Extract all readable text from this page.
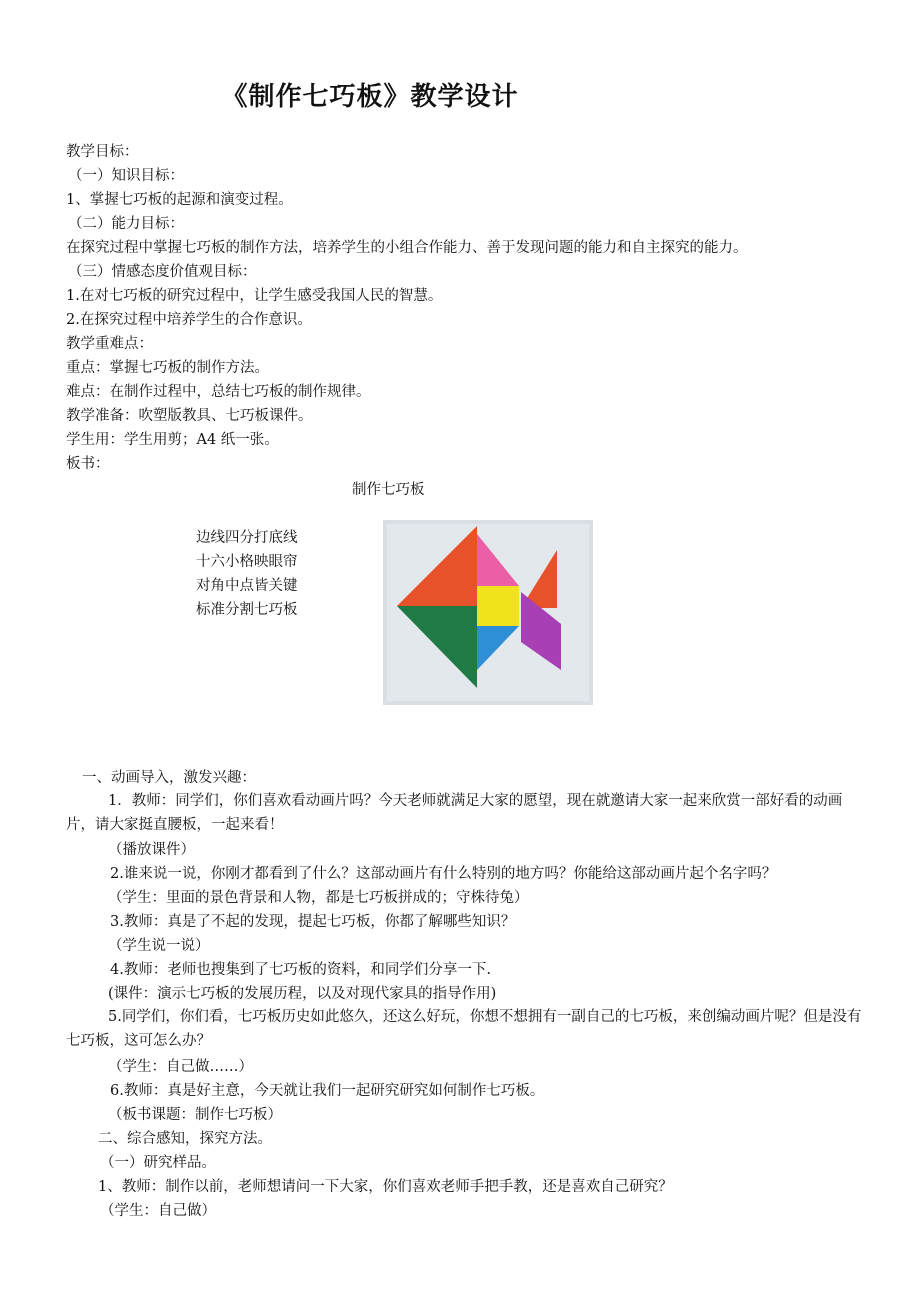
《制作七巧板》教学设计
教学目标：
（一）知识目标：
1、掌握七巧板的起源和演变过程。
（二）能力目标：
在探究过程中掌握七巧板的制作方法，培养学生的小组合作能力、善于发现问题的能力和自主探究的能力。
（三）情感态度价值观目标：
1.在对七巧板的研究过程中，让学生感受我国人民的智慧。
2.在探究过程中培养学生的合作意识。
教学重难点：
重点：掌握七巧板的制作方法。
难点：在制作过程中，总结七巧板的制作规律。
教学准备：吹塑版教具、七巧板课件。
学生用：学生用剪；A4 纸一张。
板书：
制作七巧板
边线四分打底线
十六小格映眼帘
对角中点皆关键
标准分割七巧板
一、动画导入，激发兴趣：
1．教师：同学们，你们喜欢看动画片吗？今天老师就满足大家的愿望，现在就邀请大家一起来欣赏一部好看的动画片，请大家挺直腰板，一起来看！
（播放课件）
2.谁来说一说，你刚才都看到了什么？这部动画片有什么特别的地方吗？你能给这部动画片起个名字吗？
（学生：里面的景色背景和人物，都是七巧板拼成的；守株待兔）
3.教师：真是了不起的发现，提起七巧板，你都了解哪些知识？
（学生说一说）
4.教师：老师也搜集到了七巧板的资料，和同学们分享一下.
(课件：演示七巧板的发展历程，以及对现代家具的指导作用)
5.同学们，你们看，七巧板历史如此悠久，还这么好玩，你想不想拥有一副自己的七巧板，来创编动画片呢？但是没有七巧板，这可怎么办？
（学生：自己做……）
6.教师：真是好主意，今天就让我们一起研究研究如何制作七巧板。
（板书课题：制作七巧板）
二、综合感知，探究方法。
（一）研究样品。
1、教师：制作以前，老师想请问一下大家，你们喜欢老师手把手教，还是喜欢自己研究？
（学生：自己做）
